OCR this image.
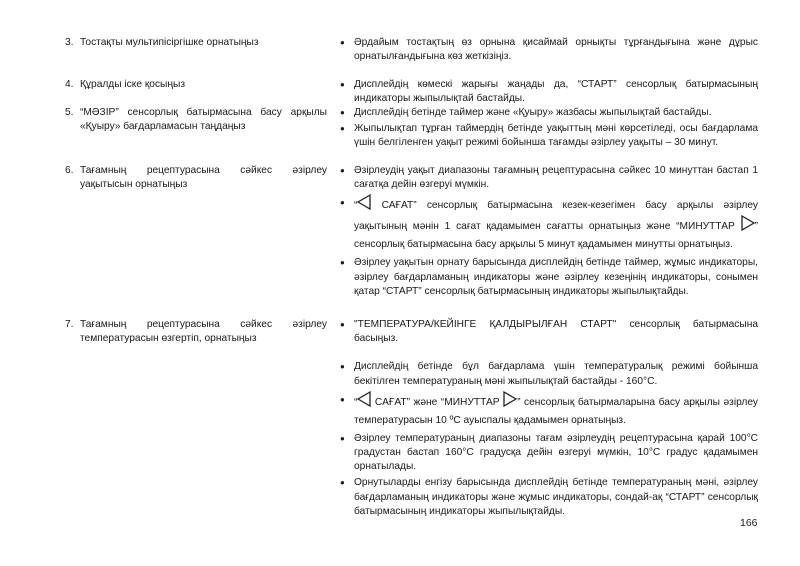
3. Тостақты мультипісіргішке орнатыңыз	● Әрдайым тостақтың өз орнына қисаймай орнықты тұрғандығына және дұрыс орнатылғандығына көз жеткізіңіз.
4. Құралды іске қосыңыз	● Дисплейдің көмескі жарығы жаңады да, “СТАРТ” сенсорлық батырмасының индикаторы жыпылықтай бастайды.
5. “МӘЗІР” сенсорлық батырмасына басу арқылы «Қуыру» бағдарламасын таңдаңыз
● Дисплейдің бетінде таймер және «Қуыру» жазбасы жыпылықтай бастайды.
● Жыпылықтап тұрған таймердің бетінде уақыттың мәні көрсетіледі, осы бағдарлама үшін белгіленген уақыт режимі бойынша тағамды әзірлеу уақыты – 30 минут.
6. Тағамның рецептурасына сәйкес әзірлеу уақытысын орнатыңыз
● Әзірлеудің уақыт диапазоны тағамның рецептурасына сәйкес 10 минуттан бастап 1 сағатқа дейін өзгеруі мүмкін.
● “ САҒАТ” сенсорлық батырмасына кезек-кезегімен басу арқылы әзірлеу уақытының мәнін 1 сағат қадамымен сағатты орнатыңыз және “МИНУТТАР ” сенсорлық батырмасына басу арқылы 5 минут қадамымен минутты орнатыңыз.
● Әзірлеу уақытын орнату барысында дисплейдің бетінде таймер, жұмыс индикаторы, әзірлеу бағдарламаның индикаторы және әзірлеу кезеңінің индикаторы, сонымен қатар “СТАРТ” сенсорлық батырмасының индикаторы жыпылықтайды.
7. Тағамның рецептурасына сәйкес әзірлеу температурасын өзгертіп, орнатыңыз
● "ТЕМПЕРАТУРА/КЕЙІНГЕ ҚАЛДЫРЫЛҒАН СТАРТ" сенсорлық батырмасына басыңыз.
● Дисплейдің бетінде бұл бағдарлама үшін температуралық режимі бойынша бекітілген температураның мәні жыпылықтай бастайды - 160°С.
● “ САҒАТ” және “МИНУТТАР ” сенсорлық батырмаларына басу арқылы әзірлеу температурасын 10 ºС ауыспалы қадамымен орнатыңыз.
● Әзірлеу температураның диапазоны тағам әзірлеудің рецептурасына қарай 100°С градустан бастап 160°С градусқа дейін өзгеруі мүмкін, 10°С градус қадамымен орнатылады.
● Орнутыларды енгізу барысында дисплейдің бетінде температураның мәні, әзірлеу бағдарламаның индикаторы және жұмыс индикаторы, сондай-ақ “СТАРТ” сенсорлық батырмасының индикаторы жыпылықтайды.
166
